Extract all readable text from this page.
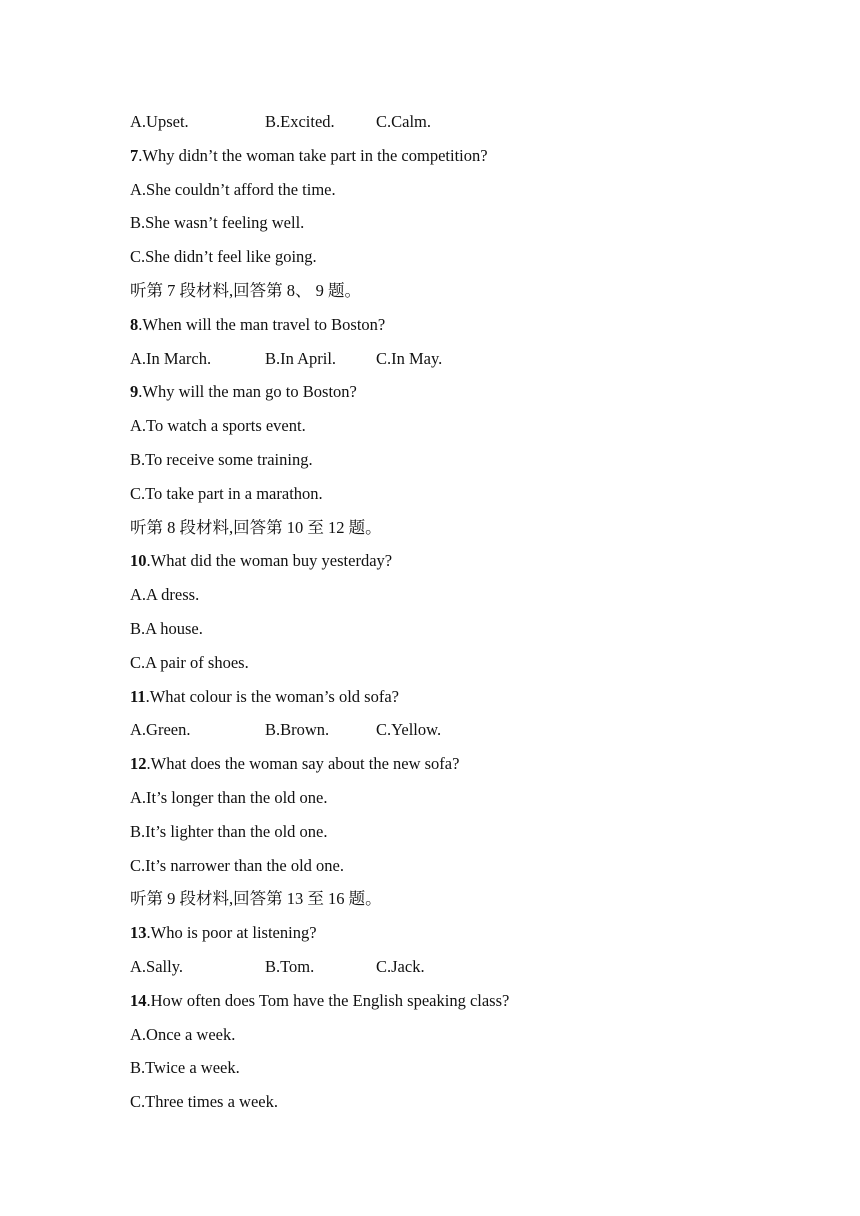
A.Upset.	B.Excited.	C.Calm.
7.Why didn’t the woman take part in the competition?
A.She couldn’t afford the time.
B.She wasn’t feeling well.
C.She didn’t feel like going.
听第 7 段材料,回答第 8、 9 题。
8.When will the man travel to Boston?
A.In March.	B.In April. C.In May.
9.Why will the man go to Boston?
A.To watch a sports event.
B.To receive some training.
C.To take part in a marathon.
听第 8 段材料,回答第 10 至 12 题。
10.What did the woman buy yesterday?
A.A dress.
B.A house.
C.A pair of shoes.
11.What colour is the woman’s old sofa?
A.Green.	B.Brown.	C.Yellow.
12.What does the woman say about the new sofa?
A.It’s longer than the old one.
B.It’s lighter than the old one.
C.It’s narrower than the old one.
听第 9 段材料,回答第 13 至 16 题。
13.Who is poor at listening?
A.Sally.	B.Tom.	C.Jack.
14.How often does Tom have the English speaking class?
A.Once a week.
B.Twice a week.
C.Three times a week.
